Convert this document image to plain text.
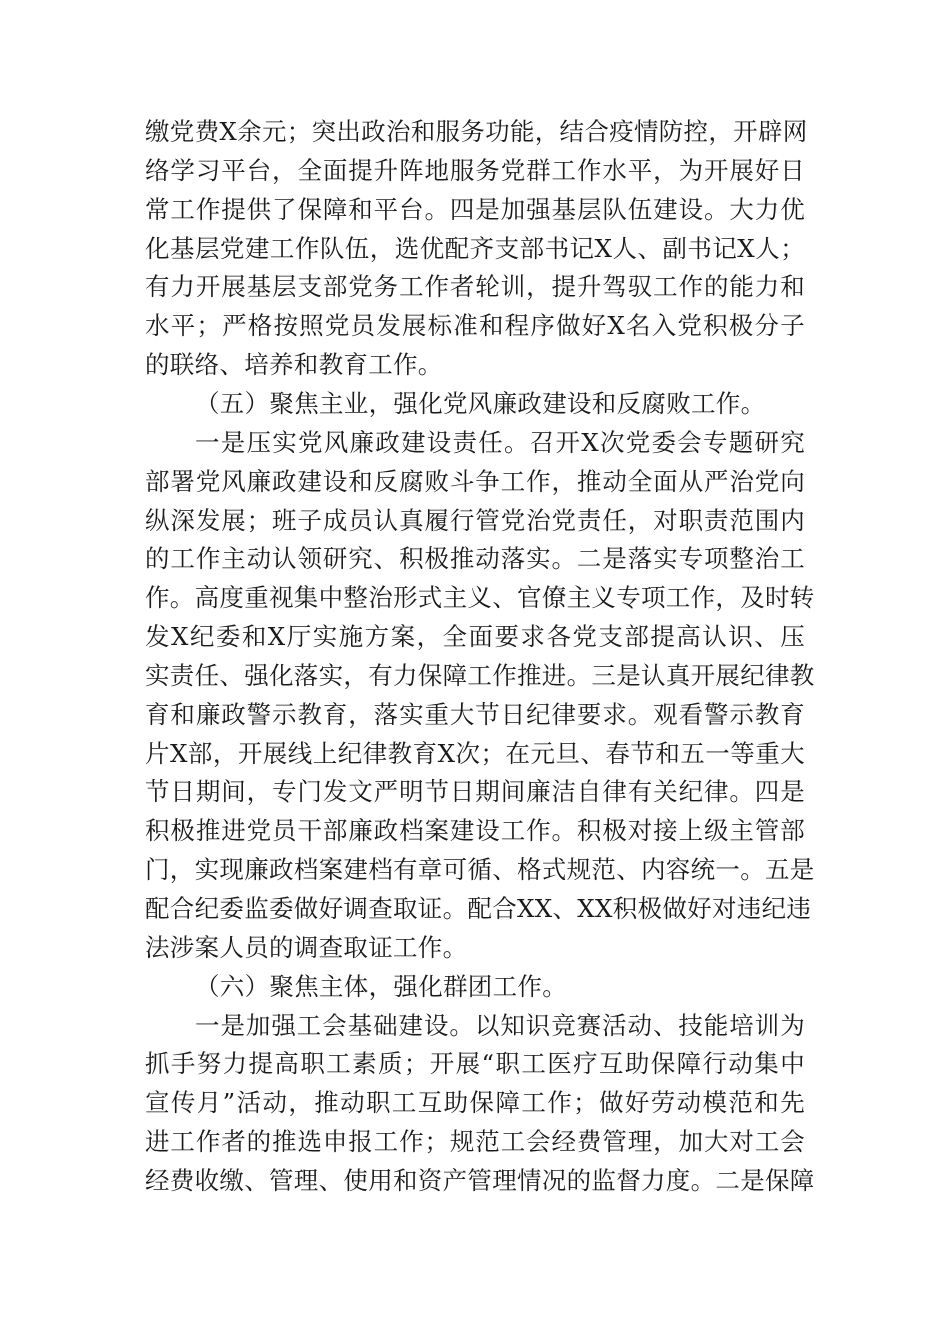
缴党费X余元；突出政治和服务功能，结合疫情防控，开辟网
络学习平台，全面提升阵地服务党群工作水平，为开展好日
常工作提供了保障和平台。四是加强基层队伍建设。大力优
化基层党建工作队伍，选优配齐支部书记X人、副书记X人；
有力开展基层支部党务工作者轮训，提升驾驭工作的能力和
水平；严格按照党员发展标准和程序做好X名入党积极分子
的联络、培养和教育工作。
（五）聚焦主业，强化党风廉政建设和反腐败工作。
一是压实党风廉政建设责任。召开X次党委会专题研究
部署党风廉政建设和反腐败斗争工作，推动全面从严治党向
纵深发展；班子成员认真履行管党治党责任，对职责范围内
的工作主动认领研究、积极推动落实。二是落实专项整治工
作。高度重视集中整治形式主义、官僚主义专项工作，及时转
发X纪委和X厅实施方案，全面要求各党支部提高认识、压
实责任、强化落实，有力保障工作推进。三是认真开展纪律教
育和廉政警示教育，落实重大节日纪律要求。观看警示教育
片X部，开展线上纪律教育X次；在元旦、春节和五一等重大
节日期间，专门发文严明节日期间廉洁自律有关纪律。四是
积极推进党员干部廉政档案建设工作。积极对接上级主管部
门，实现廉政档案建档有章可循、格式规范、内容统一。五是
配合纪委监委做好调查取证。配合XX、XX积极做好对违纪违
法涉案人员的调查取证工作。
（六）聚焦主体，强化群团工作。
一是加强工会基础建设。以知识竞赛活动、技能培训为
抓手努力提高职工素质；开展“职工医疗互助保障行动集中
宣传月”活动，推动职工互助保障工作；做好劳动模范和先
进工作者的推选申报工作；规范工会经费管理，加大对工会
经费收缴、管理、使用和资产管理情况的监督力度。二是保障
